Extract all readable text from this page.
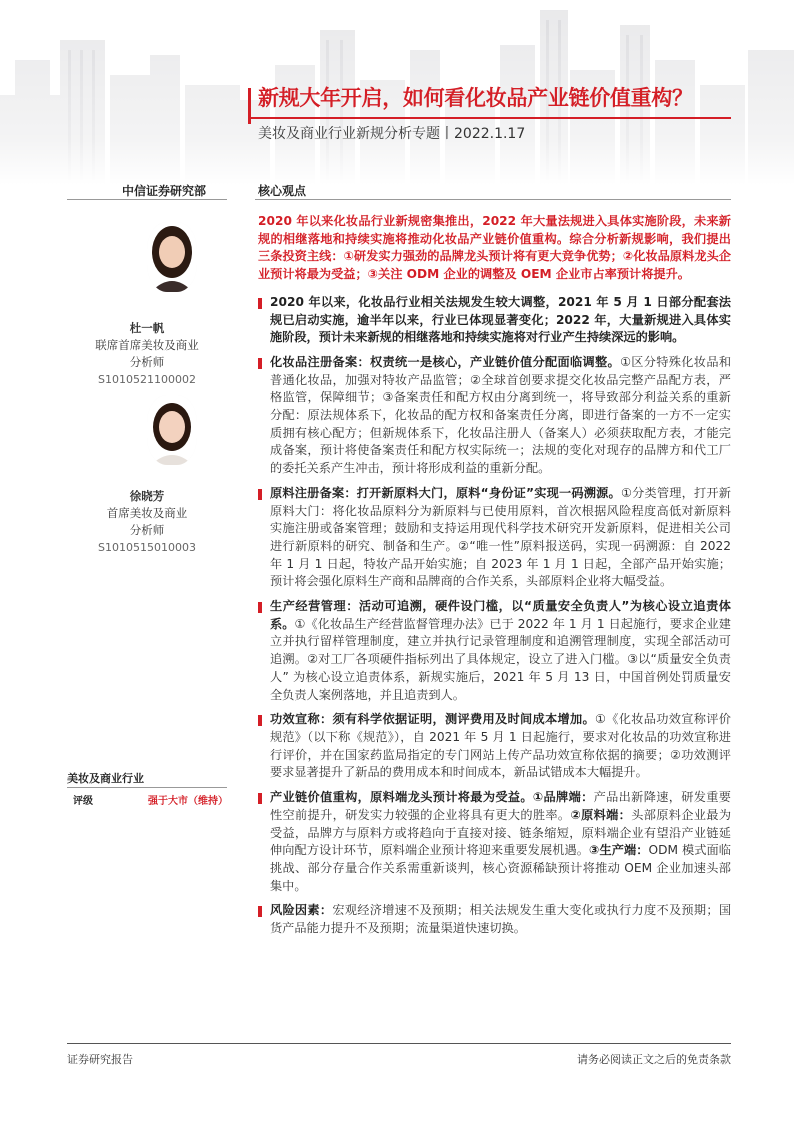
新规大年开启，如何看化妆品产业链价值重构？
美妆及商业行业新规分析专题丨2022.1.17
中信证券研究部	核心观点
杜一帆
联席首席美妆及商业分析师
S1010521100002
徐晓芳
首席美妆及商业分析师
S1010515010003
美妆及商业行业
评级	强于大市（维持）

2020 年以来化妆品行业新规密集推出，2022 年大量法规进入具体实施阶段，未来新规的相继落地和持续实施将推动化妆品产业链价值重构。综合分析新规影响，我们提出三条投资主线：①研发实力强劲的品牌龙头预计将有更大竞争优势；②化妆品原料龙头企业预计将最为受益；③关注 ODM 企业的调整及 OEM 企业市占率预计将提升。

2020 年以来，化妆品行业相关法规发生较大调整，2021 年 5 月 1 日部分配套法规已启动实施，逾半年以来，行业已体现显著变化；2022 年，大量新规进入具体实施阶段，预计未来新规的相继落地和持续实施将对行业产生持续深远的影响。

化妆品注册备案：权责统一是核心，产业链价值分配面临调整。①区分特殊化妆品和普通化妆品，加强对特妆产品监管；②全球首创要求提交化妆品完整产品配方表，严格监管，保障细节；③备案责任和配方权由分离到统一，将导致部分利益关系的重新分配：原法规体系下，化妆品的配方权和备案责任分离，即进行备案的一方不一定实质拥有核心配方；但新规体系下，化妆品注册人（备案人）必须获取配方表，才能完成备案，预计将使备案责任和配方权实际统一；法规的变化对现存的品牌方和代工厂的委托关系产生冲击，预计将形成利益的重新分配。

原料注册备案：打开新原料大门，原料“身份证”实现一码溯源。①分类管理，打开新原料大门：将化妆品原料分为新原料与已使用原料，首次根据风险程度高低对新原料实施注册或备案管理；鼓励和支持运用现代科学技术研究开发新原料，促进相关公司进行新原料的研究、制备和生产。②“唯一性”原料报送码，实现一码溯源：自 2022 年 1 月 1 日起，特妆产品开始实施；自 2023 年 1 月 1 日起，全部产品开始实施；预计将会强化原料生产商和品牌商的合作关系，头部原料企业将大幅受益。

生产经营管理：活动可追溯，硬件设门槛，以“质量安全负责人”为核心设立追责体系。①《化妆品生产经营监督管理办法》已于 2022 年 1 月 1 日起施行，要求企业建立并执行留样管理制度，建立并执行记录管理制度和追溯管理制度，实现全部活动可追溯。②对工厂各项硬件指标列出了具体规定，设立了进入门槛。③以“质量安全负责人” 为核心设立追责体系，新规实施后，2021 年 5 月 13 日，中国首例处罚质量安全负责人案例落地，并且追责到人。

功效宣称：须有科学依据证明，测评费用及时间成本增加。①《化妆品功效宣称评价规范》（以下称《规范》），自 2021 年 5 月 1 日起施行，要求对化妆品的功效宣称进行评价，并在国家药监局指定的专门网站上传产品功效宣称依据的摘要；②功效测评要求显著提升了新品的费用成本和时间成本，新品试错成本大幅提升。

产业链价值重构，原料端龙头预计将最为受益。①品牌端：产品出新降速，研发重要性空前提升，研发实力较强的企业将具有更大的胜率。②原料端：头部原料企业最为受益，品牌方与原料方或将趋向于直接对接、链条缩短，原料端企业有望沿产业链延伸向配方设计环节，原料端企业预计将迎来重要发展机遇。③生产端：ODM 模式面临挑战、部分存量合作关系需重新谈判，核心资源稀缺预计将推动 OEM 企业加速头部集中。

风险因素：宏观经济增速不及预期；相关法规发生重大变化或执行力度不及预期；国货产品能力提升不及预期；流量渠道快速切换。

证券研究报告	请务必阅读正文之后的免责条款
